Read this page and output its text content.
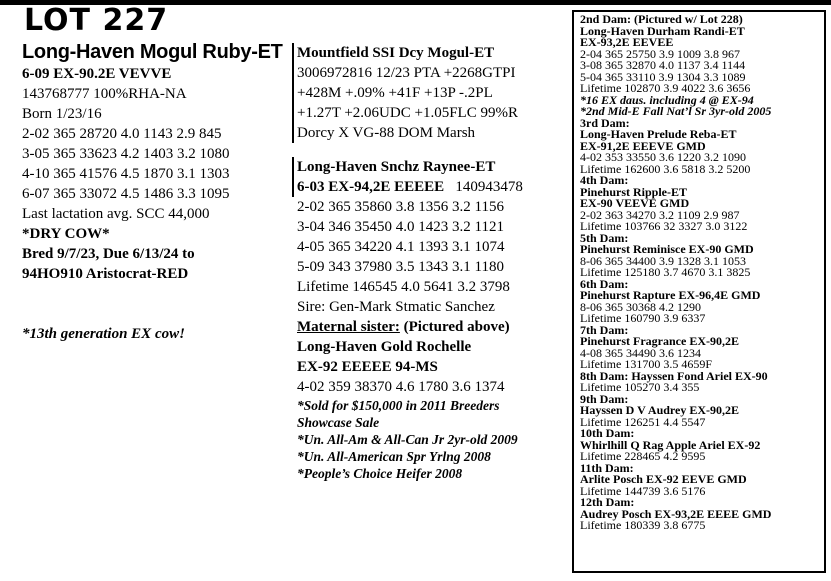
LOT 227
Long-Haven Mogul Ruby-ET
6-09 EX-90.2E VEVVE
143768777 100%RHA-NA
Born 1/23/16
2-02 365 28720 4.0 1143 2.9 845
3-05 365 33623 4.2 1403 3.2 1080
4-10 365 41576 4.5 1870 3.1 1303
6-07 365 33072 4.5 1486 3.3 1095
Last lactation avg. SCC 44,000
*DRY COW*
Bred 9/7/23, Due 6/13/24 to
94HO910 Aristocrat-RED
*13th generation EX cow!
Mountfield SSI Dcy Mogul-ET
3006972816 12/23 PTA +2268GTPI
+428M +.09% +41F +13P -.2PL
+1.27T +2.06UDC +1.05FLC 99%R
Dorcy X VG-88 DOM Marsh
Long-Haven Snchz Raynee-ET
6-03 EX-94,2E EEEEE 140943478
2-02 365 35860 3.8 1356 3.2 1156
3-04 346 35450 4.0 1423 3.2 1121
4-05 365 34220 4.1 1393 3.1 1074
5-09 343 37980 3.5 1343 3.1 1180
Lifetime 146545 4.0 5641 3.2 3798
Sire: Gen-Mark Stmatic Sanchez
Maternal sister: (Pictured above)
Long-Haven Gold Rochelle
EX-92 EEEEE 94-MS
4-02 359 38370 4.6 1780 3.6 1374
*Sold for $150,000 in 2011 Breeders
Showcase Sale
*Un. All-Am & All-Can Jr 2yr-old 2009
*Un. All-American Spr Yrlng 2008
*People’s Choice Heifer 2008
2nd Dam: (Pictured w/ Lot 228)
Long-Haven Durham Randi-ET
EX-93,2E EEVEE
2-04 365 25750 3.9 1009 3.8 967
3-08 365 32870 4.0 1137 3.4 1144
5-04 365 33110 3.9 1304 3.3 1089
Lifetime 102870 3.9 4022 3.6 3656
*16 EX daus. including 4 @ EX-94
*2nd Mid-E Fall Nat’l Sr 3yr-old 2005
3rd Dam:
Long-Haven Prelude Reba-ET
EX-91,2E EEEVE GMD
4-02 353 33550 3.6 1220 3.2 1090
Lifetime 162600 3.6 5818 3.2 5200
4th Dam:
Pinehurst Ripple-ET
EX-90 VEEVE GMD
2-02 363 34270 3.2 1109 2.9 987
Lifetime 103766 32 3327 3.0 3122
5th Dam:
Pinehurst Reminisce EX-90 GMD
8-06 365 34400 3.9 1328 3.1 1053
Lifetime 125180 3.7 4670 3.1 3825
6th Dam:
Pinehurst Rapture EX-96,4E GMD
8-06 365 30368 4.2 1290
Lifetime 160790 3.9 6337
7th Dam:
Pinehurst Fragrance EX-90,2E
4-08 365 34490 3.6 1234
Lifetime 131700 3.5 4659F
8th Dam: Hayssen Fond Ariel EX-90
Lifetime 105270 3.4 355
9th Dam:
Hayssen D V Audrey EX-90,2E
Lifetime 126251 4.4 5547
10th Dam:
Whirlhill Q Rag Apple Ariel EX-92
Lifetime 228465 4.2 9595
11th Dam:
Arlite Posch EX-92 EEVE GMD
Lifetime 144739 3.6 5176
12th Dam:
Audrey Posch EX-93,2E EEEE GMD
Lifetime 180339 3.8 6775
